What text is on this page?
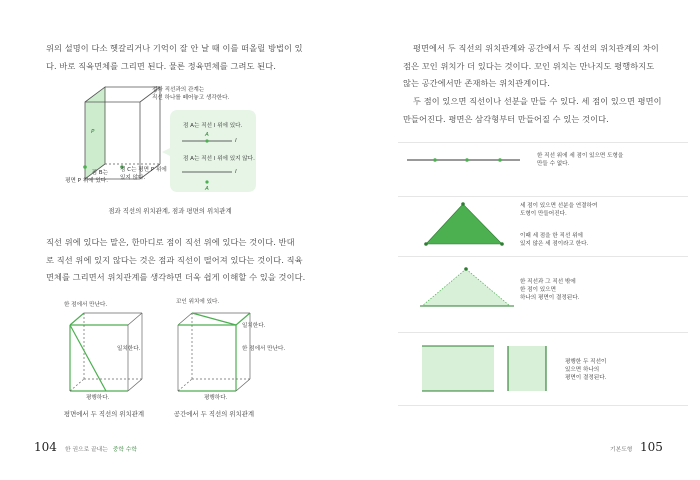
위의 설명이 다소 헷갈리거나 기억이 잘 안 날 때 이를 떠올릴 방법이 있
다. 바로 직육면체를 그리면 된다. 물론 정육면체를 그려도 된다.
점과 직선과의 관계는
직선 하나를 떼어놓고 생각한다.
P
점 B는
평면 P 위에 있다.
점 C는 평면 P 위에
있지 않다.
점 A는 직선 l 위에 있다.
A
l
점 A는 직선 l 위에 있지 않다.
l
A
점과 직선의 위치관계, 점과 평면의 위치관계
직선 위에 있다는 말은, 한마디로 점이 직선 위에 있다는 것이다. 반대
로 직선 위에 있지 않다는 것은 점과 직선이 떨어져 있다는 것이다. 직육
면체를 그리면서 위치관계를 생각하면 더욱 쉽게 이해할 수 있을 것이다.
한 점에서 만난다.
일치한다.
평행하다.
평면에서 두 직선의 위치관계
꼬인 위치에 있다.
일치한다.
한 점에서 만난다.
평행하다.
공간에서 두 직선의 위치관계
104 한 권으로 끝내는 중학 수학
평면에서 두 직선의 위치관계와 공간에서 두 직선의 위치관계의 차이
점은 꼬인 위치가 더 있다는 것이다. 꼬인 위치는 만나지도 평행하지도
않는 공간에서만 존재하는 위치관계이다.
두 점이 있으면 직선이나 선분을 만들 수 있다. 세 점이 있으면 평면이
만들어진다. 평면은 삼각형부터 만들어질 수 있는 것이다.
한 직선 위에 세 점이 있으면 도형을
만들 수 없다.
세 점이 있으면 선분을 연결하여
도형이 만들어진다.
이때 세 점을 한 직선 위에
있지 않은 세 점이라고 한다.
한 직선과 그 직선 밖에
한 점이 있으면
하나의 평면이 결정된다.
평행한 두 직선이
있으면 하나의
평면이 결정된다.
기본도형 105
